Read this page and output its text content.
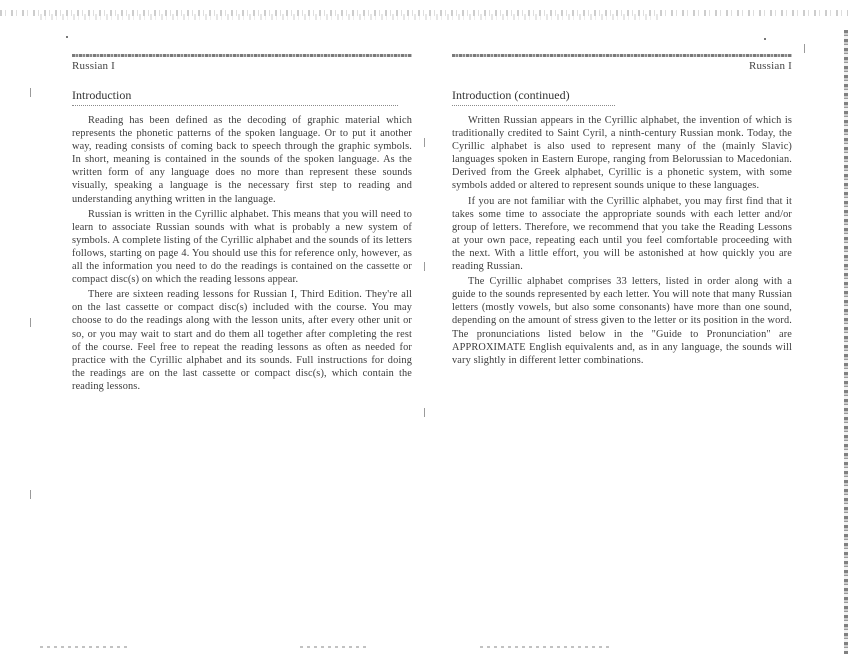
Russian I
Introduction

Reading has been defined as the decoding of graphic material which represents the phonetic patterns of the spoken language. Or to put it another way, reading consists of coming back to speech through the graphic symbols. In short, meaning is contained in the sounds of the spoken language. As the written form of any language does no more than represent these sounds visually, speaking a language is the necessary first step to reading and understanding anything written in the language.

Russian is written in the Cyrillic alphabet. This means that you will need to learn to associate Russian sounds with what is probably a new system of symbols. A complete listing of the Cyrillic alphabet and the sounds of its letters follows, starting on page 4. You should use this for reference only, however, as all the information you need to do the readings is contained on the cassette or compact disc(s) on which the reading lessons appear.

There are sixteen reading lessons for Russian I, Third Edition. They're all on the last cassette or compact disc(s) included with the course. You may choose to do the readings along with the lesson units, after every other unit or so, or you may wait to start and do them all together after completing the rest of the course. Feel free to repeat the reading lessons as often as needed for practice with the Cyrillic alphabet and its sounds. Full instructions for doing the readings are on the last cassette or compact disc(s), which contain the reading lessons.

Russian I
Introduction (continued)

Written Russian appears in the Cyrillic alphabet, the invention of which is traditionally credited to Saint Cyril, a ninth-century Russian monk. Today, the Cyrillic alphabet is also used to represent many of the (mainly Slavic) languages spoken in Eastern Europe, ranging from Belorussian to Macedonian. Derived from the Greek alphabet, Cyrillic is a phonetic system, with some symbols added or altered to represent sounds unique to these languages.

If you are not familiar with the Cyrillic alphabet, you may first find that it takes some time to associate the appropriate sounds with each letter and/or group of letters. Therefore, we recommend that you take the Reading Lessons at your own pace, repeating each until you feel comfortable proceeding with the next. With a little effort, you will be astonished at how quickly you are reading Russian.

The Cyrillic alphabet comprises 33 letters, listed in order along with a guide to the sounds represented by each letter. You will note that many Russian letters (mostly vowels, but also some consonants) have more than one sound, depending on the amount of stress given to the letter or its position in the word. The pronunciations listed below in the "Guide to Pronunciation" are APPROXIMATE English equivalents and, as in any language, the sounds will vary slightly in different letter combinations.
